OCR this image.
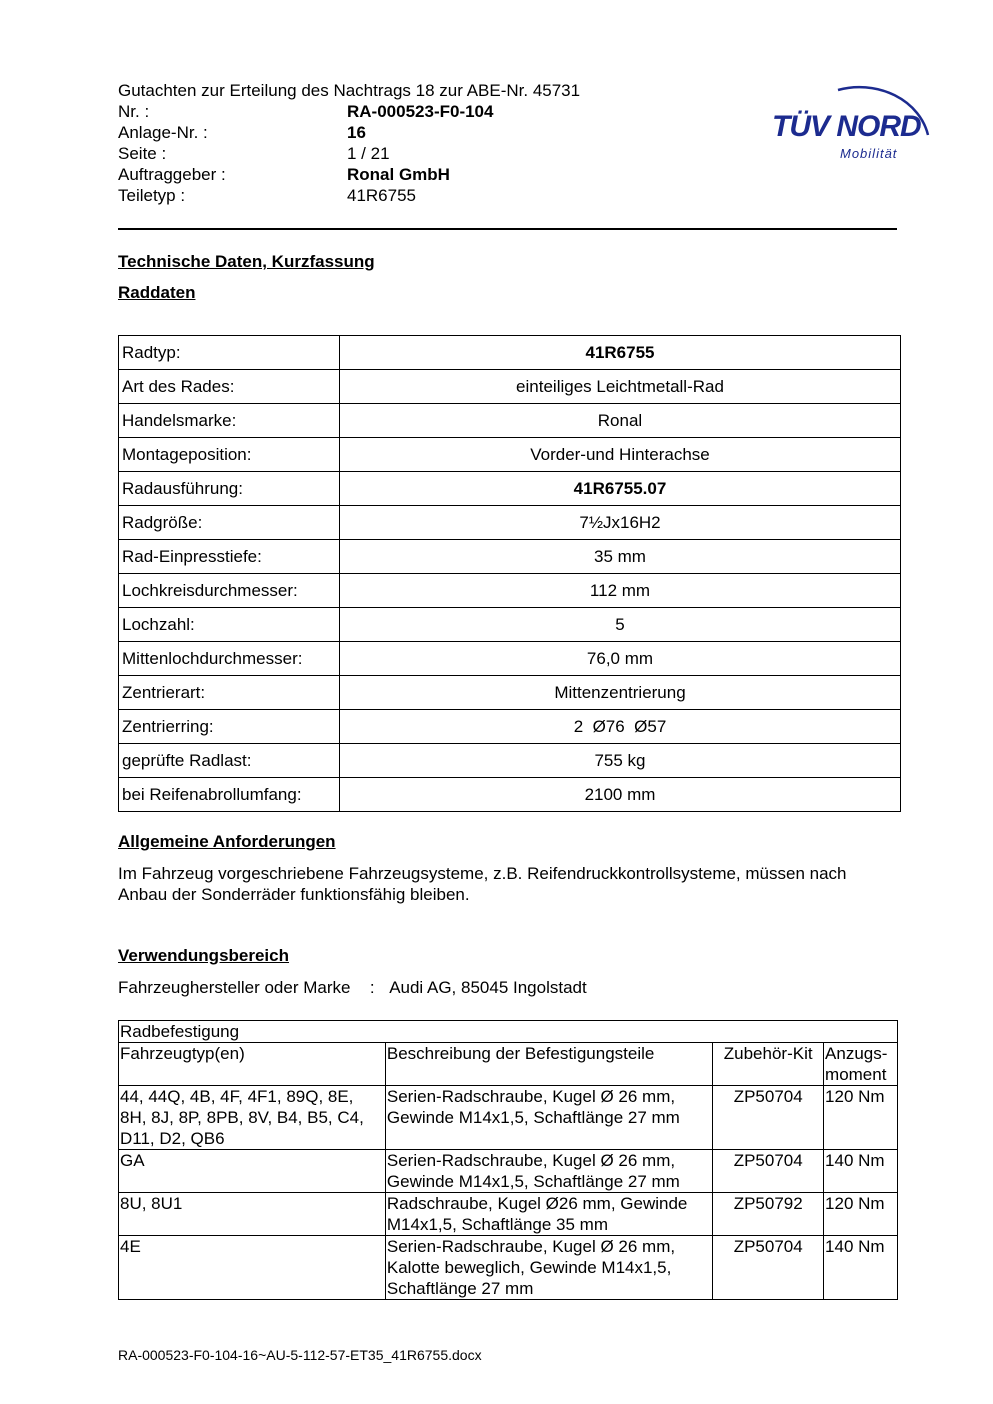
Gutachten zur Erteilung des Nachtrags 18 zur ABE-Nr. 45731
Nr. :	RA-000523-F0-104
Anlage-Nr. :	16
Seite :	1 / 21
Auftraggeber :	Ronal GmbH
Teiletyp :	41R6755
TÜV NORD
Mobilität
Technische Daten, Kurzfassung
Raddaten
Radtyp:	41R6755
Art des Rades:	einteiliges Leichtmetall-Rad
Handelsmarke:	Ronal
Montageposition:	Vorder-und Hinterachse
Radausführung:	41R6755.07
Radgröße:	7½Jx16H2
Rad-Einpresstiefe:	35 mm
Lochkreisdurchmesser:	112 mm
Lochzahl:	5
Mittenlochdurchmesser:	76,0 mm
Zentrierart:	Mittenzentrierung
Zentrierring:	2  Ø76  Ø57
geprüfte Radlast:	755 kg
bei Reifenabrollumfang:	2100 mm
Allgemeine Anforderungen
Im Fahrzeug vorgeschriebene Fahrzeugsysteme, z.B. Reifendruckkontrollsysteme, müssen nach Anbau der Sonderräder funktionsfähig bleiben.
Verwendungsbereich
Fahrzeughersteller oder Marke : Audi AG, 85045 Ingolstadt
Radbefestigung			
Fahrzeugtyp(en)	Beschreibung der Befestigungsteile	Zubehör-Kit	Anzugs-
moment
44, 44Q, 4B, 4F, 4F1, 89Q, 8E, 8H, 8J, 8P, 8PB, 8V, B4, B5, C4, D11, D2, QB6	Serien-Radschraube, Kugel Ø 26 mm, Gewinde M14x1,5, Schaftlänge 27 mm	ZP50704	120 Nm
GA	Serien-Radschraube, Kugel Ø 26 mm, Gewinde M14x1,5, Schaftlänge 27 mm	ZP50704	140 Nm
8U, 8U1	Radschraube, Kugel Ø26 mm, Gewinde M14x1,5, Schaftlänge 35 mm	ZP50792	120 Nm
4E	Serien-Radschraube, Kugel Ø 26 mm, Kalotte beweglich, Gewinde M14x1,5, Schaftlänge 27 mm	ZP50704	140 Nm
RA-000523-F0-104-16~AU-5-112-57-ET35_41R6755.docx
